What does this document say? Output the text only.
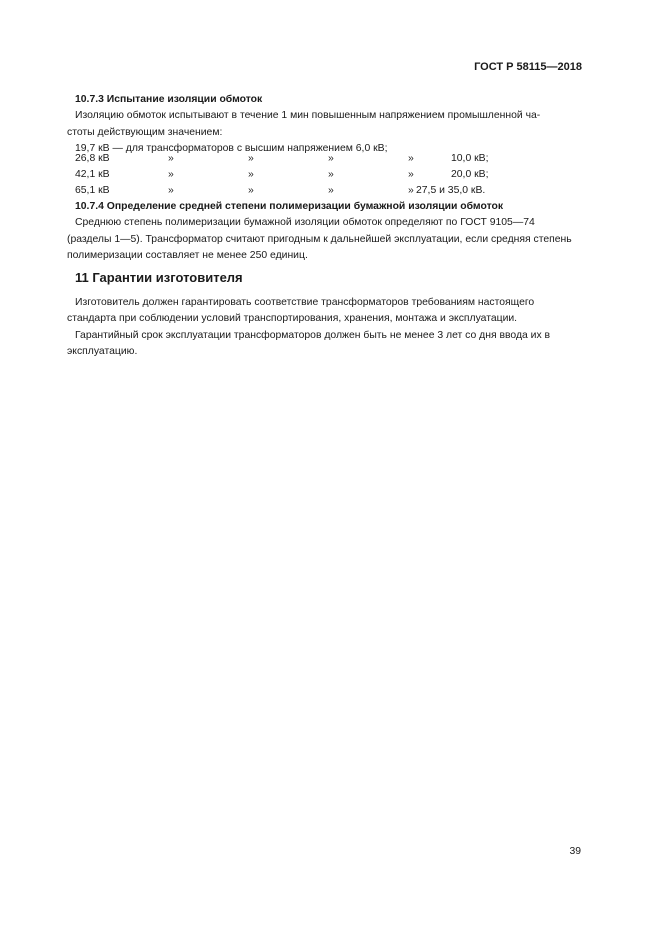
ГОСТ Р 58115—2018

10.7.3 Испытание изоляции обмоток

Изоляцию обмоток испытывают в течение 1 мин повышенным напряжением промышленной ча-

стоты действующим значением:

19,7 кВ — для трансформаторов с высшим напряжением 6,0 кВ;

26,8 кВ	»	»	»	»	10,0 кВ;
42,1 кВ	»	»	»	»	20,0 кВ;
65,1 кВ	»	»	»	» 27,5 и 35,0 кВ.

10.7.4 Определение средней степени полимеризации бумажной изоляции обмоток

Среднюю степень полимеризации бумажной изоляции обмоток определяют по ГОСТ 9105—74

(разделы 1—5). Трансформатор считают пригодным к дальнейшей эксплуатации, если средняя степень

полимеризации составляет не менее 250 единиц.

11 Гарантии изготовителя

Изготовитель должен гарантировать соответствие трансформаторов требованиям настоящего

стандарта при соблюдении условий транспортирования, хранения, монтажа и эксплуатации.

Гарантийный срок эксплуатации трансформаторов должен быть не менее 3 лет со дня ввода их в

эксплуатацию.

39
